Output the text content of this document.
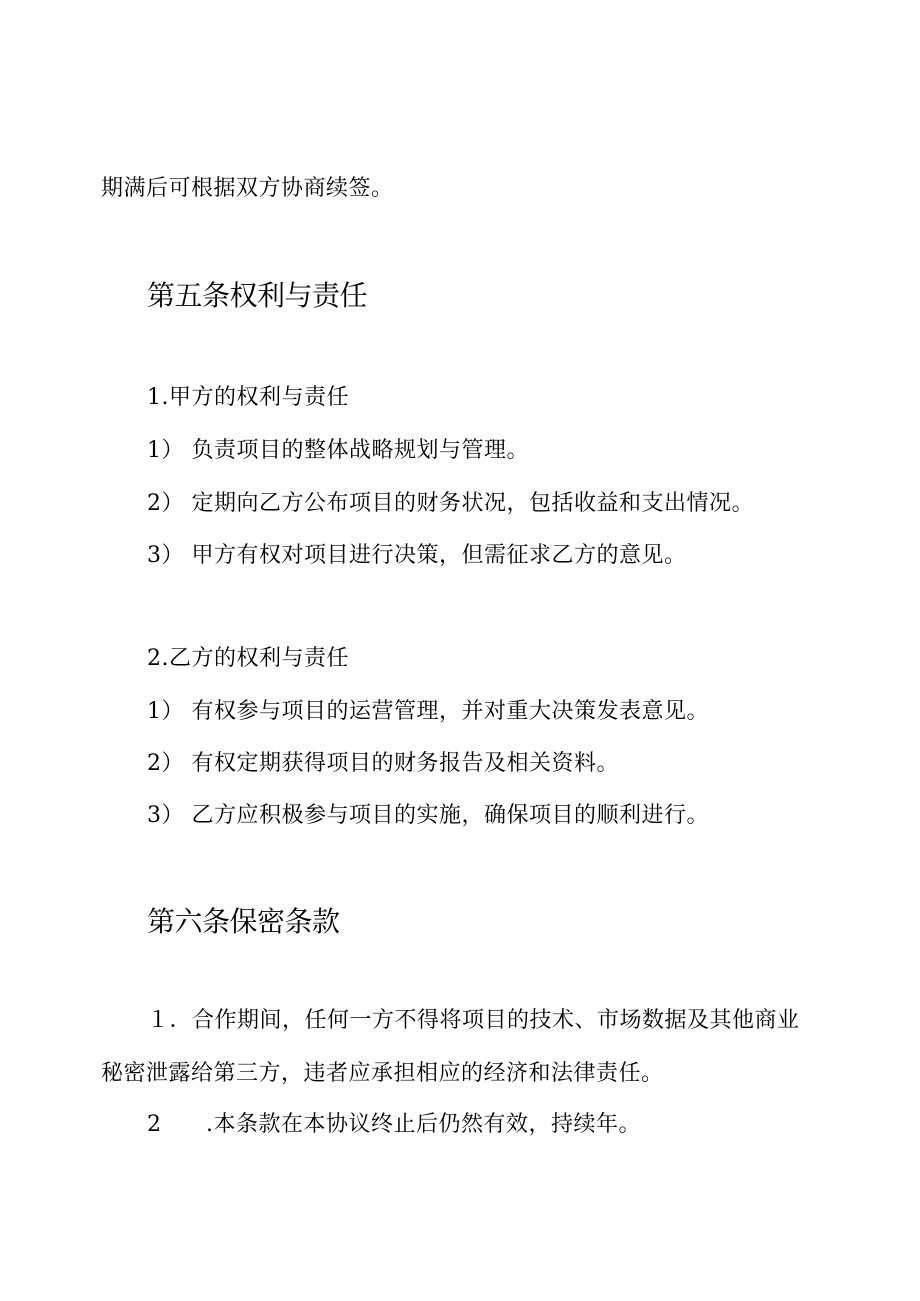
期满后可根据双方协商续签。
第五条权利与责任
1.甲方的权利与责任
1） 负责项目的整体战略规划与管理。
2） 定期向乙方公布项目的财务状况，包括收益和支出情况。
3） 甲方有权对项目进行决策，但需征求乙方的意见。
2.乙方的权利与责任
1） 有权参与项目的运营管理，并对重大决策发表意见。
2） 有权定期获得项目的财务报告及相关资料。
3） 乙方应积极参与项目的实施，确保项目的顺利进行。
第六条保密条款
１．合作期间，任何一方不得将项目的技术、市场数据及其他商业
秘密泄露给第三方，违者应承担相应的经济和法律责任。
2 .本条款在本协议终止后仍然有效，持续年。
